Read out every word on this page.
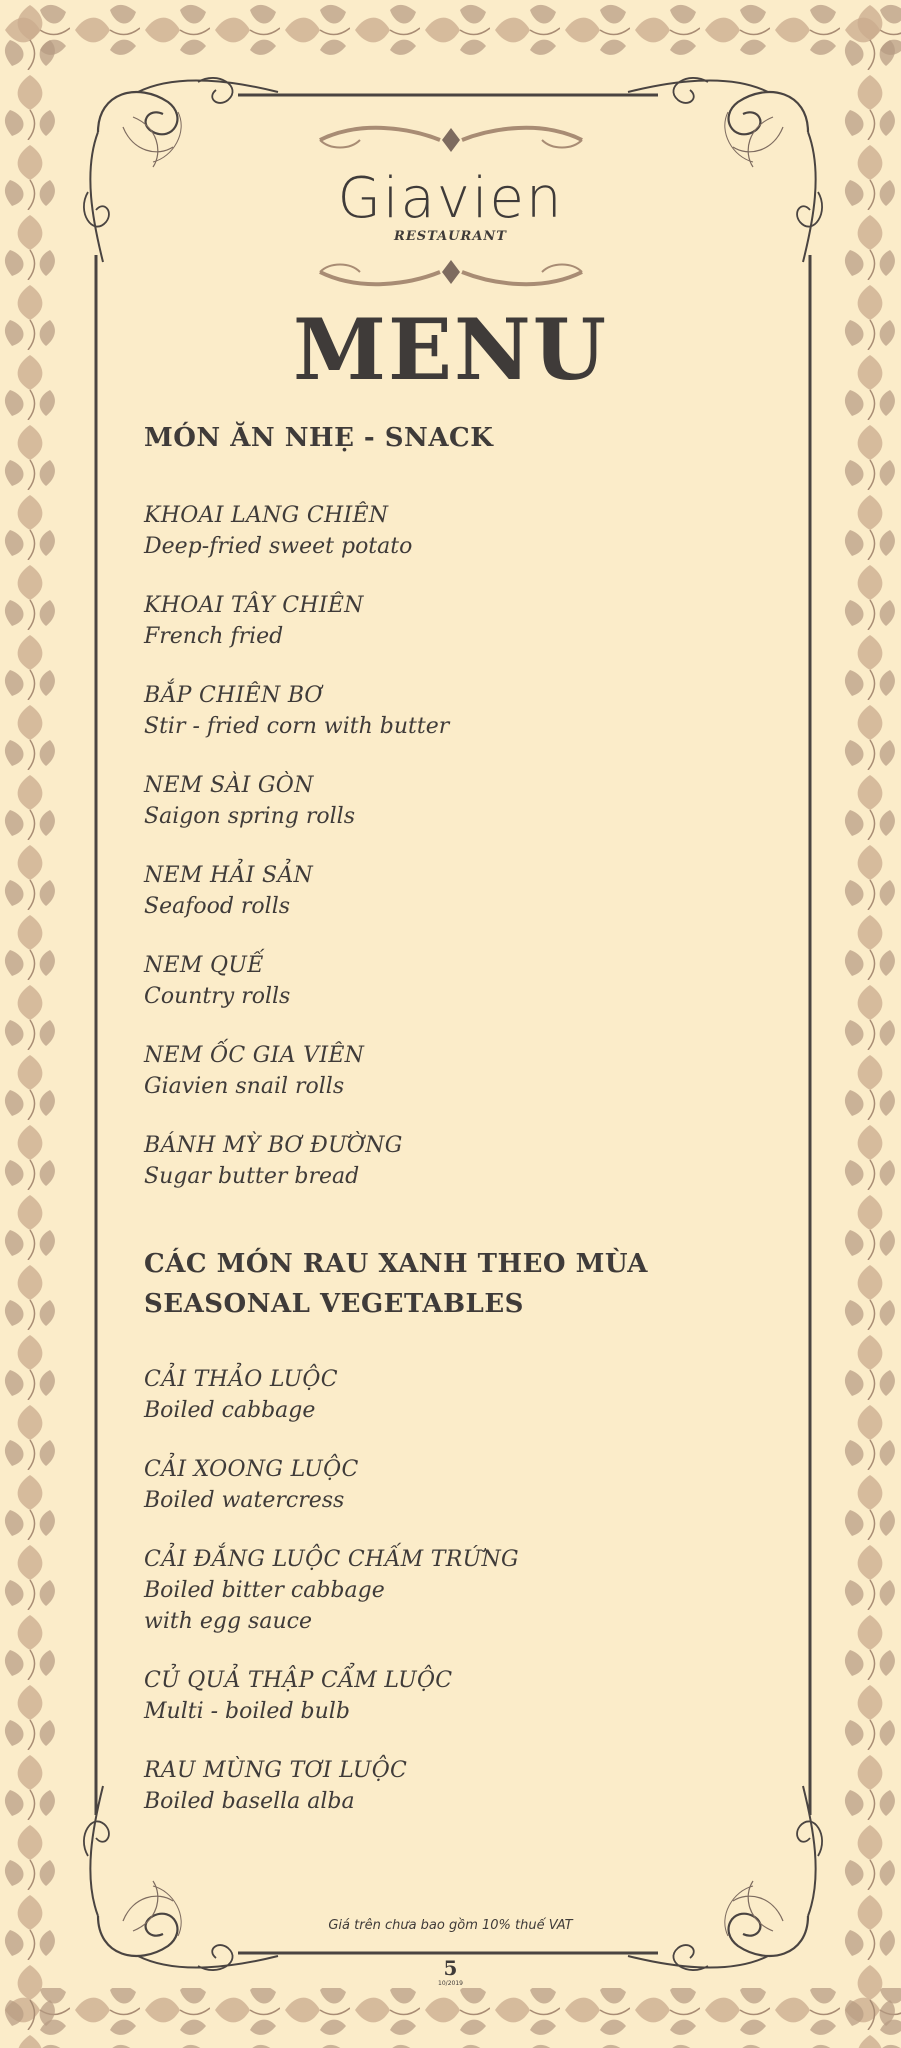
Giavien
RESTAURANT
MENU
MÓN ĂN NHẸ - SNACK
KHOAI LANG CHIÊN
Deep-fried sweet potato
KHOAI TÂY CHIÊN
French fried
BẮP CHIÊN BƠ
Stir - fried corn with butter
NEM SÀI GÒN
Saigon spring rolls
NEM HẢI SẢN
Seafood rolls
NEM QUẾ
Country rolls
NEM ỐC GIA VIÊN
Giavien snail rolls
BÁNH MỲ BƠ ĐƯỜNG
Sugar butter bread
CÁC MÓN RAU XANH THEO MÙA
SEASONAL VEGETABLES
CẢI THẢO LUỘC
Boiled cabbage
CẢI XOONG LUỘC
Boiled watercress
CẢI ĐẮNG LUỘC CHẤM TRỨNG
Boiled bitter cabbage
with egg sauce
CỦ QUẢ THẬP CẨM LUỘC
Multi - boiled bulb
RAU MÙNG TƠI LUỘC
Boiled basella alba
Giá trên chưa bao gồm 10% thuế VAT
5
10/2019
